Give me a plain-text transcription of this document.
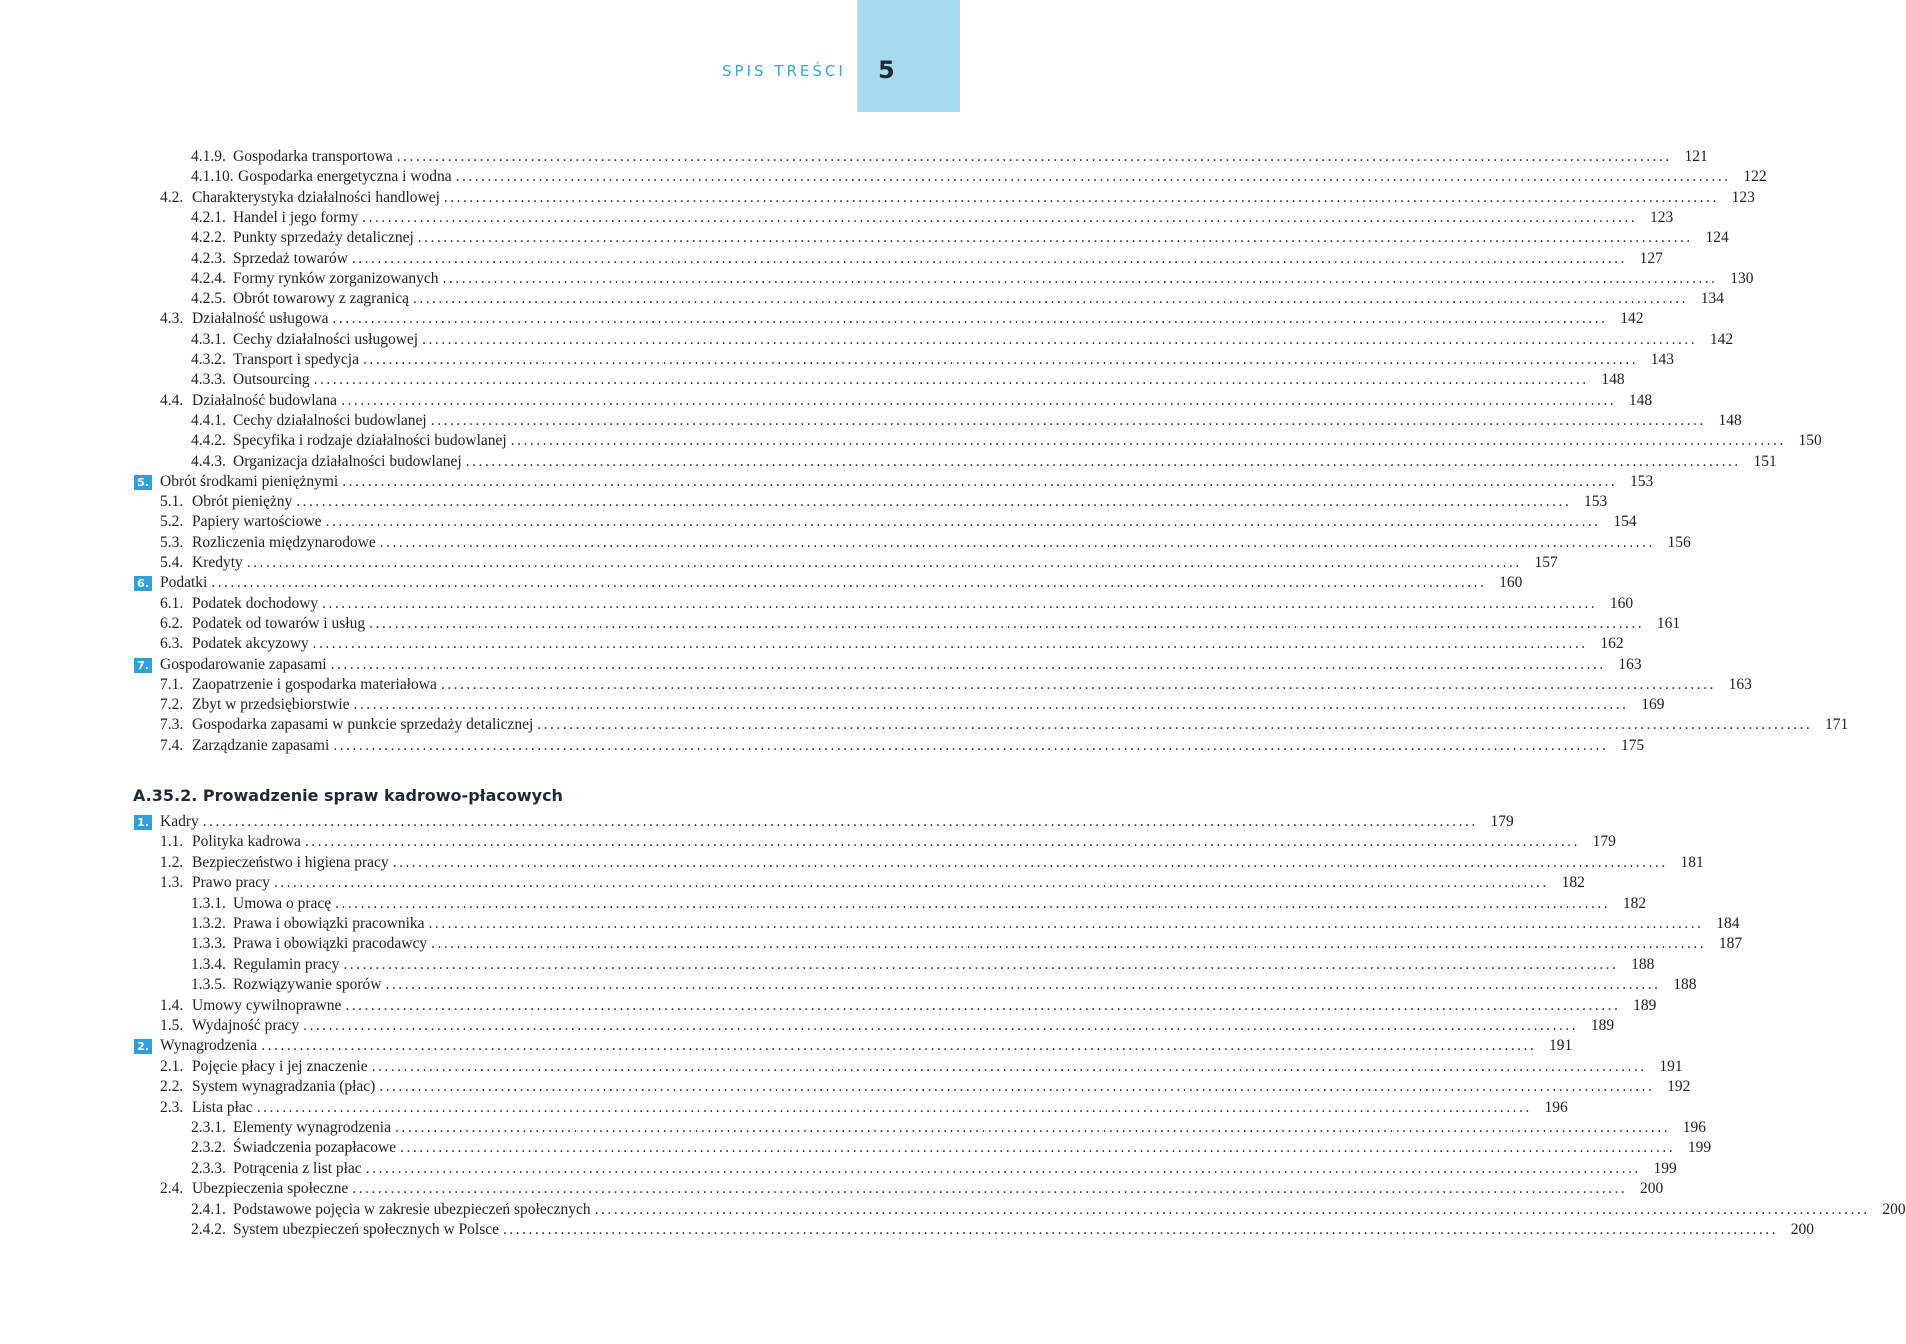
SPIS TREŚCI 5
4.1.9. Gospodarka transportowa ........................................................................................................................................................................................................ 121
4.1.10. Gospodarka energetyczna i wodna ........................................................................................................................................................................................................ 122
4.2. Charakterystyka działalności handlowej ........................................................................................................................................................................................................ 123
4.2.1. Handel i jego formy ........................................................................................................................................................................................................ 123
4.2.2. Punkty sprzedaży detalicznej ........................................................................................................................................................................................................ 124
4.2.3. Sprzedaż towarów ........................................................................................................................................................................................................ 127
4.2.4. Formy rynków zorganizowanych ........................................................................................................................................................................................................ 130
4.2.5. Obrót towarowy z zagranicą ........................................................................................................................................................................................................ 134
4.3. Działalność usługowa ........................................................................................................................................................................................................ 142
4.3.1. Cechy działalności usługowej ........................................................................................................................................................................................................ 142
4.3.2. Transport i spedycja ........................................................................................................................................................................................................ 143
4.3.3. Outsourcing ........................................................................................................................................................................................................ 148
4.4. Działalność budowlana ........................................................................................................................................................................................................ 148
4.4.1. Cechy działalności budowlanej ........................................................................................................................................................................................................ 148
4.4.2. Specyfika i rodzaje działalności budowlanej ........................................................................................................................................................................................................ 150
4.4.3. Organizacja działalności budowlanej ........................................................................................................................................................................................................ 151
5. Obrót środkami pieniężnymi ........................................................................................................................................................................................................ 153
5.1. Obrót pieniężny ........................................................................................................................................................................................................ 153
5.2. Papiery wartościowe ........................................................................................................................................................................................................ 154
5.3. Rozliczenia międzynarodowe ........................................................................................................................................................................................................ 156
5.4. Kredyty ........................................................................................................................................................................................................ 157
6. Podatki ........................................................................................................................................................................................................ 160
6.1. Podatek dochodowy ........................................................................................................................................................................................................ 160
6.2. Podatek od towarów i usług ........................................................................................................................................................................................................ 161
6.3. Podatek akcyzowy ........................................................................................................................................................................................................ 162
7. Gospodarowanie zapasami ........................................................................................................................................................................................................ 163
7.1. Zaopatrzenie i gospodarka materiałowa ........................................................................................................................................................................................................ 163
7.2. Zbyt w przedsiębiorstwie ........................................................................................................................................................................................................ 169
7.3. Gospodarka zapasami w punkcie sprzedaży detalicznej ........................................................................................................................................................................................................ 171
7.4. Zarządzanie zapasami ........................................................................................................................................................................................................ 175
1. Kadry ........................................................................................................................................................................................................ 179
1.1. Polityka kadrowa ........................................................................................................................................................................................................ 179
1.2. Bezpieczeństwo i higiena pracy ........................................................................................................................................................................................................ 181
1.3. Prawo pracy ........................................................................................................................................................................................................ 182
1.3.1. Umowa o pracę ........................................................................................................................................................................................................ 182
1.3.2. Prawa i obowiązki pracownika ........................................................................................................................................................................................................ 184
1.3.3. Prawa i obowiązki pracodawcy ........................................................................................................................................................................................................ 187
1.3.4. Regulamin pracy ........................................................................................................................................................................................................ 188
1.3.5. Rozwiązywanie sporów ........................................................................................................................................................................................................ 188
1.4. Umowy cywilnoprawne ........................................................................................................................................................................................................ 189
1.5. Wydajność pracy ........................................................................................................................................................................................................ 189
2. Wynagrodzenia ........................................................................................................................................................................................................ 191
2.1. Pojęcie płacy i jej znaczenie ........................................................................................................................................................................................................ 191
2.2. System wynagradzania (płac) ........................................................................................................................................................................................................ 192
2.3. Lista płac ........................................................................................................................................................................................................ 196
2.3.1. Elementy wynagrodzenia ........................................................................................................................................................................................................ 196
2.3.2. Świadczenia pozapłacowe ........................................................................................................................................................................................................ 199
2.3.3. Potrącenia z list płac ........................................................................................................................................................................................................ 199
2.4. Ubezpieczenia społeczne ........................................................................................................................................................................................................ 200
2.4.1. Podstawowe pojęcia w zakresie ubezpieczeń społecznych ........................................................................................................................................................................................................ 200
2.4.2. System ubezpieczeń społecznych w Polsce ........................................................................................................................................................................................................ 200
A.35.2. Prowadzenie spraw kadrowo-płacowych
